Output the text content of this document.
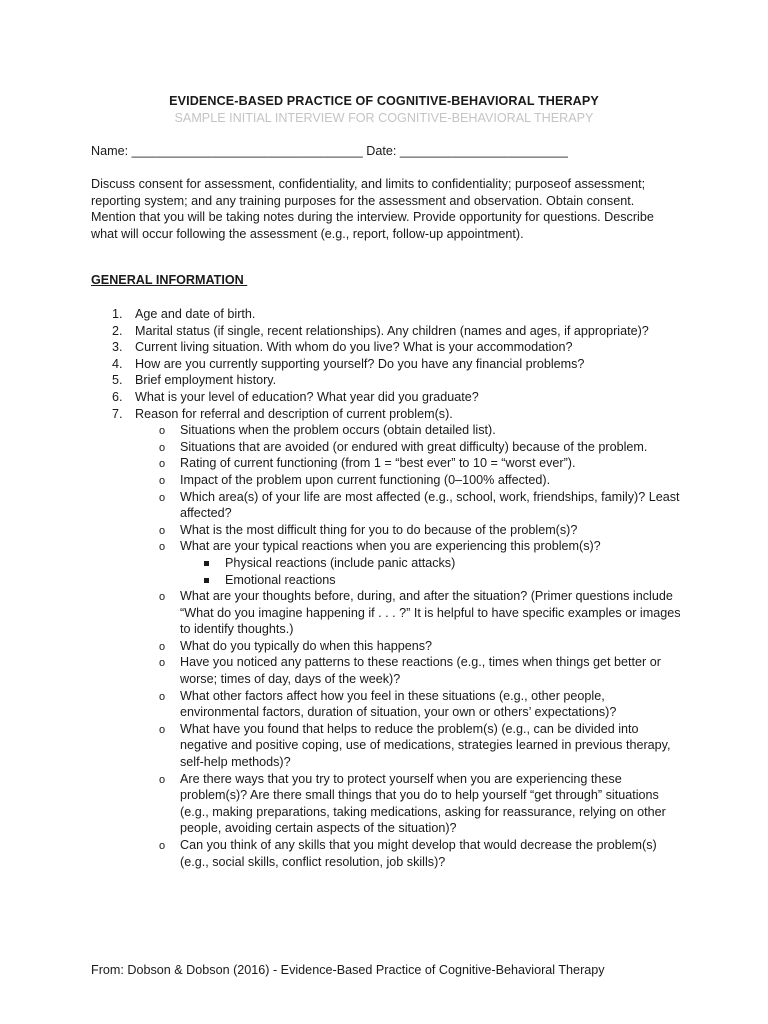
EVIDENCE-BASED PRACTICE OF COGNITIVE-BEHAVIORAL THERAPY
SAMPLE INITIAL INTERVIEW FOR COGNITIVE-BEHAVIORAL THERAPY
Name: _________________________________ Date: ________________________
Discuss consent for assessment, confidentiality, and limits to confidentiality; purposeof assessment; reporting system; and any training purposes for the assessment and observation. Obtain consent. Mention that you will be taking notes during the interview. Provide opportunity for questions. Describe what will occur following the assessment (e.g., report, follow-up appointment).
GENERAL INFORMATION
1. Age and date of birth.
2. Marital status (if single, recent relationships). Any children (names and ages, if appropriate)?
3. Current living situation. With whom do you live? What is your accommodation?
4. How are you currently supporting yourself? Do you have any financial problems?
5. Brief employment history.
6. What is your level of education? What year did you graduate?
7. Reason for referral and description of current problem(s).
o Situations when the problem occurs (obtain detailed list).
o Situations that are avoided (or endured with great difficulty) because of the problem.
o Rating of current functioning (from 1 = “best ever” to 10 = “worst ever”).
o Impact of the problem upon current functioning (0–100% affected).
o Which area(s) of your life are most affected (e.g., school, work, friendships, family)? Least affected?
o What is the most difficult thing for you to do because of the problem(s)?
o What are your typical reactions when you are experiencing this problem(s)?
Physical reactions (include panic attacks)
Emotional reactions
o What are your thoughts before, during, and after the situation? (Primer questions include “What do you imagine happening if . . . ?” It is helpful to have specific examples or images to identify thoughts.)
o What do you typically do when this happens?
o Have you noticed any patterns to these reactions (e.g., times when things get better or worse; times of day, days of the week)?
o What other factors affect how you feel in these situations (e.g., other people, environmental factors, duration of situation, your own or others’ expectations)?
o What have you found that helps to reduce the problem(s) (e.g., can be divided into negative and positive coping, use of medications, strategies learned in previous therapy, self-help methods)?
o Are there ways that you try to protect yourself when you are experiencing these problem(s)? Are there small things that you do to help yourself “get through” situations (e.g., making preparations, taking medications, asking for reassurance, relying on other people, avoiding certain aspects of the situation)?
o Can you think of any skills that you might develop that would decrease the problem(s) (e.g., social skills, conflict resolution, job skills)?
From: Dobson & Dobson (2016) - Evidence-Based Practice of Cognitive-Behavioral Therapy
